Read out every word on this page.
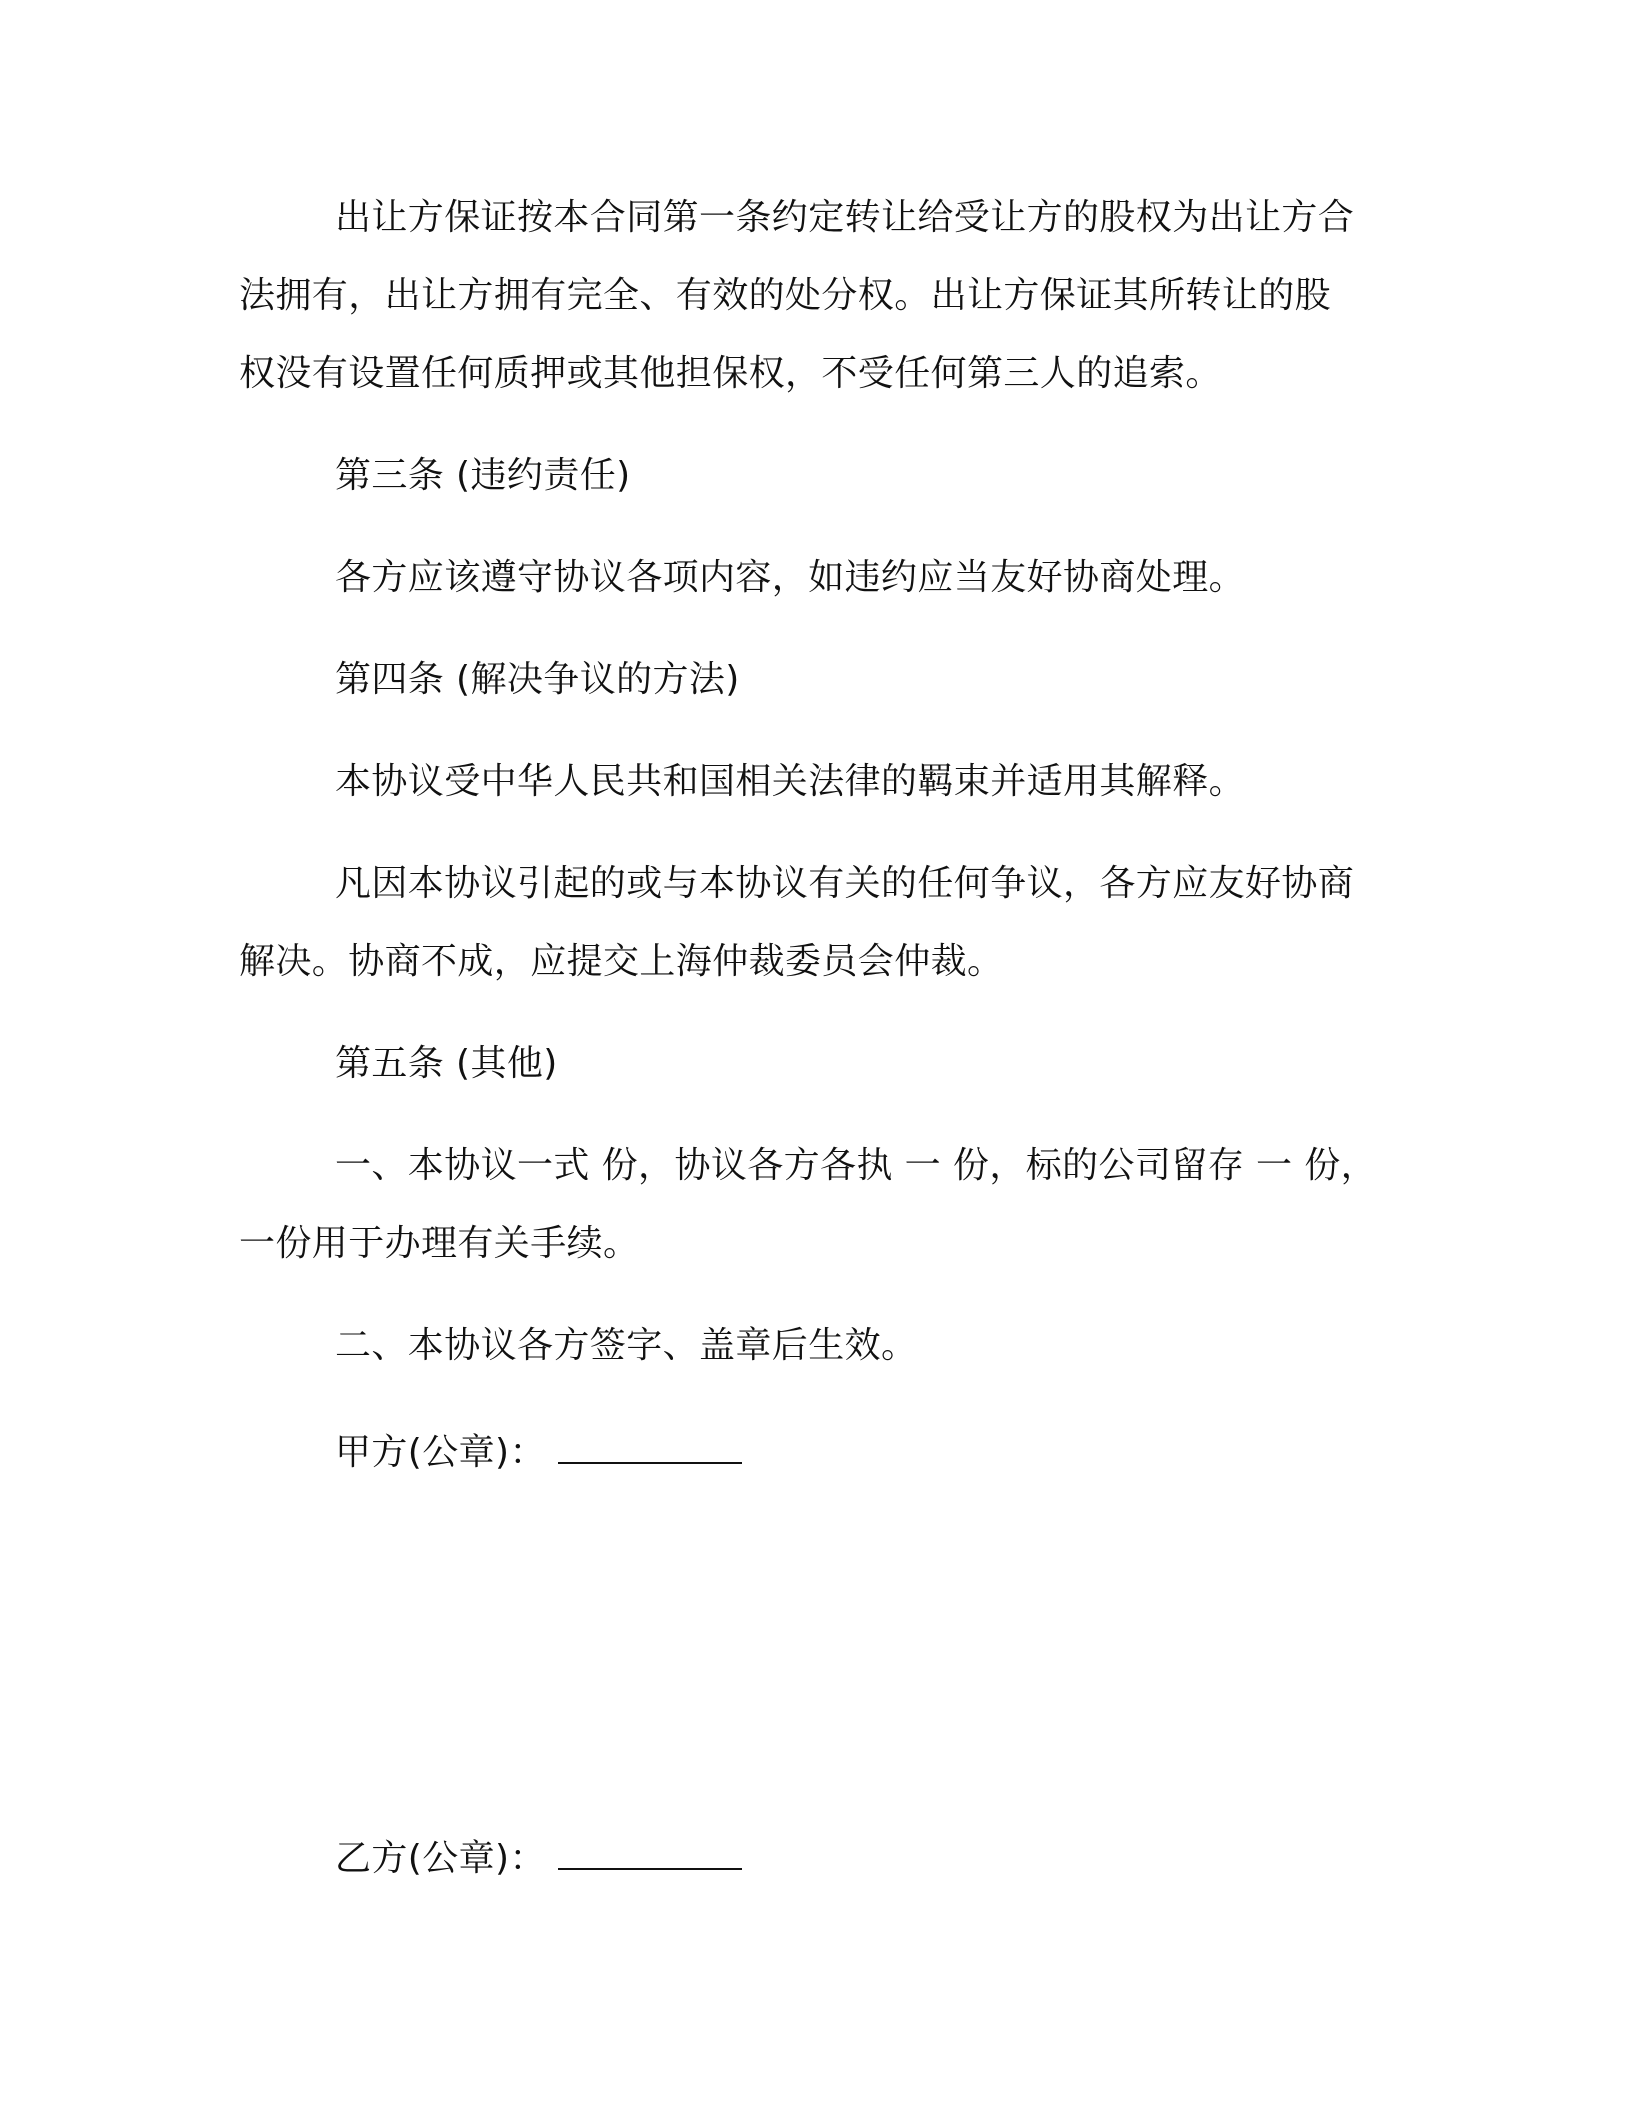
出让方保证按本合同第一条约定转让给受让方的股权为出让方合
法拥有，出让方拥有完全、有效的处分权。出让方保证其所转让的股
权没有设置任何质押或其他担保权，不受任何第三人的追索。
第三条 (违约责任)
各方应该遵守协议各项内容，如违约应当友好协商处理。
第四条 (解决争议的方法)
本协议受中华人民共和国相关法律的羁束并适用其解释。
凡因本协议引起的或与本协议有关的任何争议，各方应友好协商
解决。协商不成，应提交上海仲裁委员会仲裁。
第五条 (其他)
一、本协议一式 份，协议各方各执 一 份，标的公司留存 一 份，
一份用于办理有关手续。
二、本协议各方签字、盖章后生效。
甲方(公章)：
乙方(公章)：
